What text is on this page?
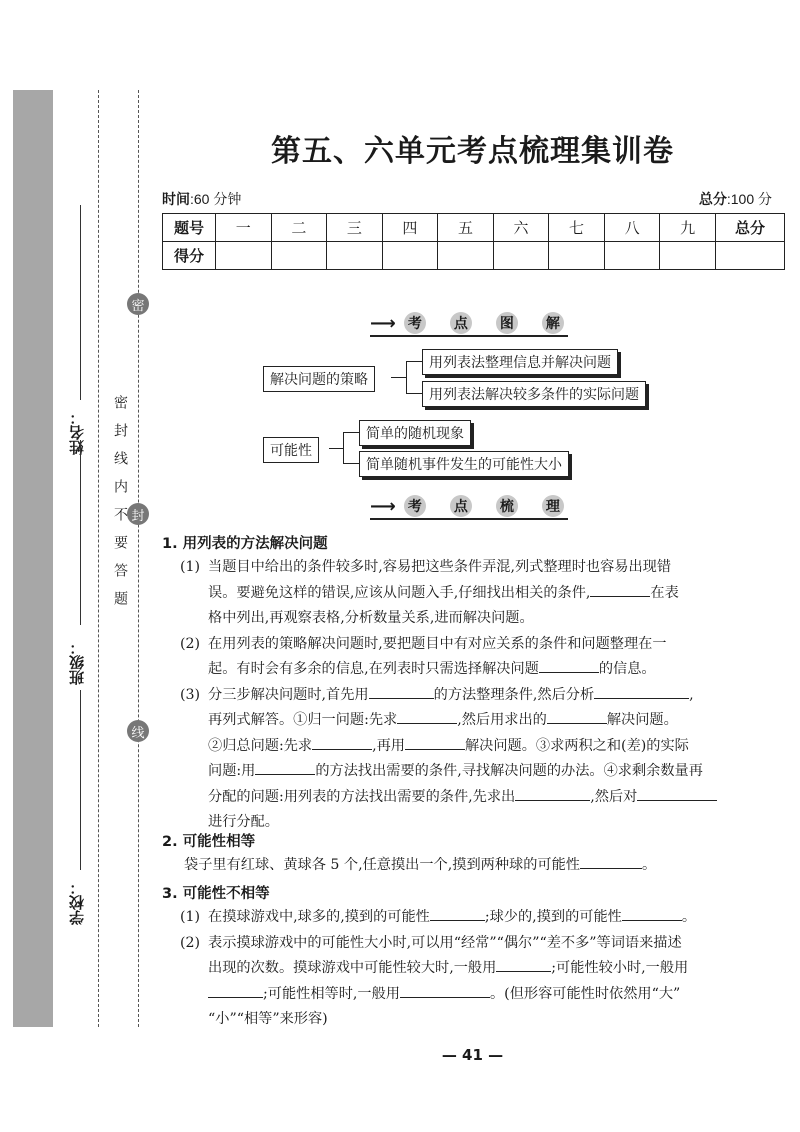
姓名：
班级：
学校：
密
封
线
密封线内不要答题
第五、六单元考点梳理集训卷
时间:60 分钟	总分:100 分
题号	一	二	三	四	五	六	七	八	九	总分
得分										
⟶ 考 点 图 解
解决问题的策略
用列表法整理信息并解决问题
用列表法解决较多条件的实际问题
可能性
简单的随机现象
简单随机事件发生的可能性大小
⟶ 考 点 梳 理
1. 用列表的方法解决问题
(1) 当题目中给出的条件较多时,容易把这些条件弄混,列式整理时也容易出现错
误。要避免这样的错误,应该从问题入手,仔细找出相关的条件,	在表
格中列出,再观察表格,分析数量关系,进而解决问题。
(2) 在用列表的策略解决问题时,要把题目中有对应关系的条件和问题整理在一
起。有时会有多余的信息,在列表时只需选择解决问题	的信息。
(3) 分三步解决问题时,首先用	的方法整理条件,然后分析	,
再列式解答。①归一问题:先求	,然后用求出的	解决问题。
②归总问题:先求	,再用	解决问题。③求两积之和(差)的实际
问题:用	的方法找出需要的条件,寻找解决问题的办法。④求剩余数量再
分配的问题:用列表的方法找出需要的条件,先求出	,然后对
进行分配。
2. 可能性相等
袋子里有红球、黄球各 5 个,任意摸出一个,摸到两种球的可能性	。
3. 可能性不相等
(1) 在摸球游戏中,球多的,摸到的可能性	;球少的,摸到的可能性	。
(2) 表示摸球游戏中的可能性大小时,可以用“经常”“偶尔”“差不多”等词语来描述
出现的次数。摸球游戏中可能性较大时,一般用	;可能性较小时,一般用
;可能性相等时,一般用	。(但形容可能性时依然用“大”
“小”“相等”来形容)
— 41 —
